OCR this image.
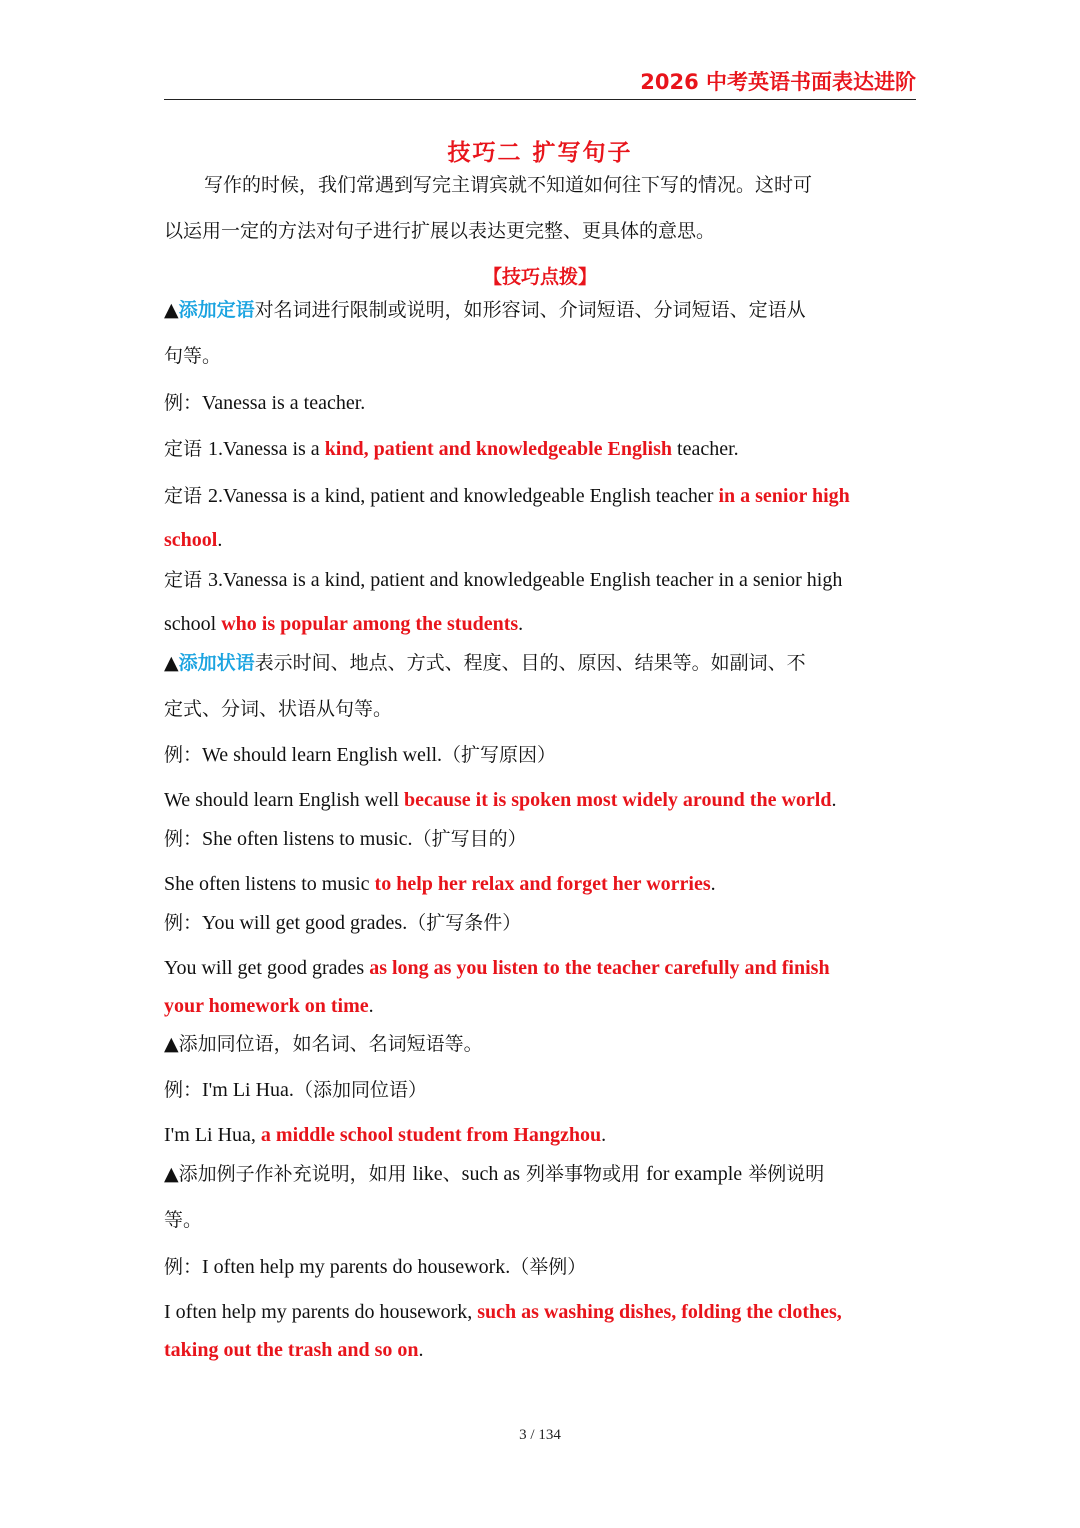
2026 中考英语书面表达进阶
技巧二 扩写句子
写作的时候，我们常遇到写完主谓宾就不知道如何往下写的情况。这时可
以运用一定的方法对句子进行扩展以表达更完整、更具体的意思。
【技巧点拨】
▲添加定语对名词进行限制或说明，如形容词、介词短语、分词短语、定语从
句等。
例：Vanessa is a teacher.
定语 1.Vanessa is a kind, patient and knowledgeable English teacher.
定语 2.Vanessa is a kind, patient and knowledgeable English teacher in a senior high
school.
定语 3.Vanessa is a kind, patient and knowledgeable English teacher in a senior high
school who is popular among the students.
▲添加状语表示时间、地点、方式、程度、目的、原因、结果等。如副词、不
定式、分词、状语从句等。
例：We should learn English well.（扩写原因）
We should learn English well because it is spoken most widely around the world.
例：She often listens to music.（扩写目的）
She often listens to music to help her relax and forget her worries.
例：You will get good grades.（扩写条件）
You will get good grades as long as you listen to the teacher carefully and finish
your homework on time.
▲添加同位语，如名词、名词短语等。
例：I'm Li Hua.（添加同位语）
I'm Li Hua, a middle school student from Hangzhou.
▲添加例子作补充说明，如用 like、such as 列举事物或用 for example 举例说明
等。
例：I often help my parents do housework.（举例）
I often help my parents do housework, such as washing dishes, folding the clothes,
taking out the trash and so on.
3 / 134
